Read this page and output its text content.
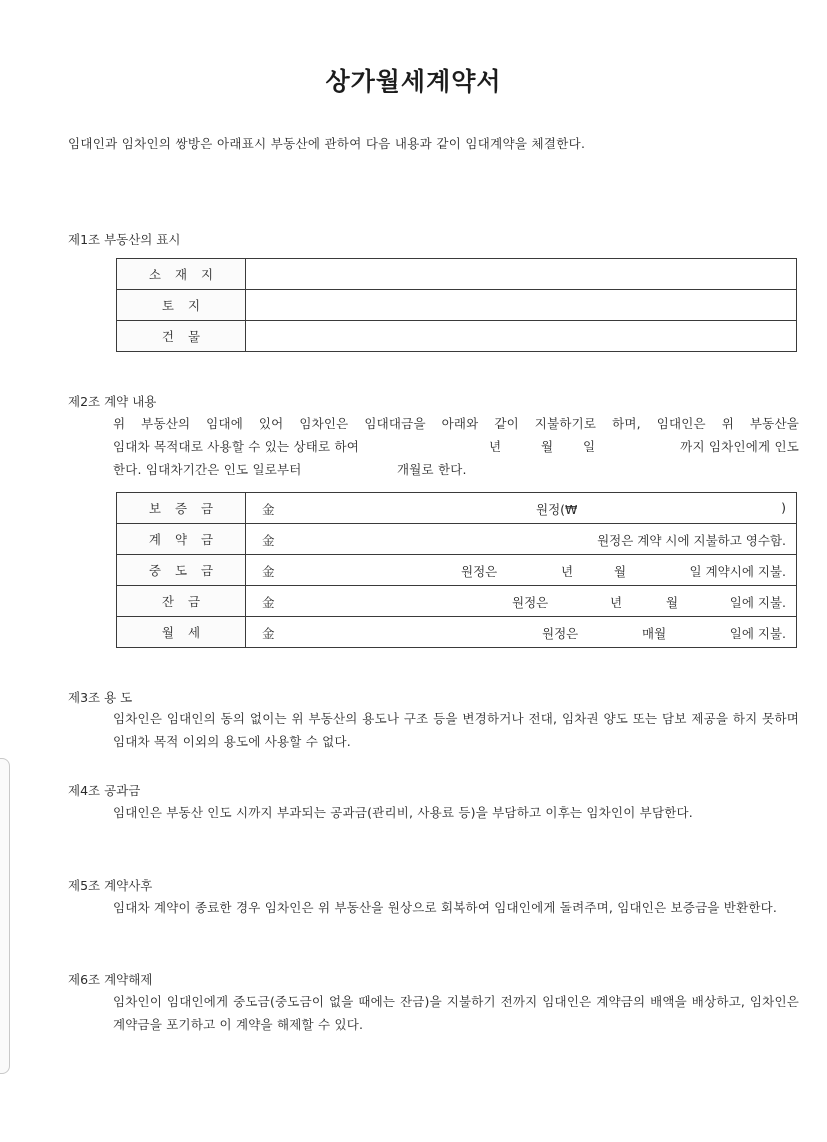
상가월세계약서
임대인과 임차인의 쌍방은 아래표시 부동산에 관하여 다음 내용과 같이 임대계약을 체결한다.
제1조 부동산의 표시
소재지	
토지	
건물	
제2조 계약 내용
위 부동산의 임대에 있어 임차인은 임대대금을 아래와 같이 지불하기로 하며, 임대인은 위 부동산을
임대차 목적대로 사용할 수 있는 상태로 하여	년	월 일	까지 임차인에게 인도
한다. 임대차기간은 인도 일로부터	개월로 한다.
보증금	金 원정(₩ )

계약금	金 원정은 계약 시에 지불하고 영수함.

중도금	金 원정은 년 월 일 계약시에 지불.

잔금	金 원정은 년 월 일에 지불.

월세	金 원정은 매월 일에 지불.
제3조 용 도
임차인은 임대인의 동의 없이는 위 부동산의 용도나 구조 등을 변경하거나 전대, 임차권 양도 또는 담보 제공을 하지 못하며 임대차 목적 이외의 용도에 사용할 수 없다.
제4조 공과금
임대인은 부동산 인도 시까지 부과되는 공과금(관리비, 사용료 등)을 부담하고 이후는 임차인이 부담한다.
제5조 계약사후
임대차 계약이 종료한 경우 임차인은 위 부동산을 원상으로 회복하여 임대인에게 돌려주며, 임대인은 보증금을 반환한다.
제6조 계약해제
임차인이 임대인에게 중도금(중도금이 없을 때에는 잔금)을 지불하기 전까지 임대인은 계약금의 배액을 배상하고, 임차인은 계약금을 포기하고 이 계약을 해제할 수 있다.
